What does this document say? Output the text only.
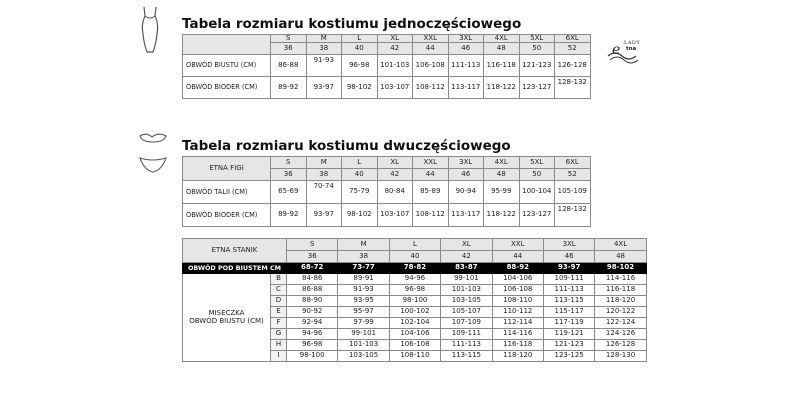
Tabela rozmiaru kostiumu jednoczęściowego
e LADY
tna
	S	M	L	XL	XXL	3XL	4XL	5XL	6XL
	36	38	40	42	44	46	48	50	52
OBWÓD BIUSTU (CM)	86-88	91-93	96-98	101-103	106-108	111-113	116-118	121-123	126-128
OBWÓD BIODER (CM)	89-92	93-97	98-102	103-107	108-112	113-117	118-122	123-127	128-132
Tabela rozmiaru kostiumu dwuczęściowego
ETNA FIGI	S	M	L	XL	XXL	3XL	4XL	5XL	6XL
	36	38	40	42	44	46	48	50	52
OBWÓD TALII (CM)	65-69	70-74	75-79	80-84	85-89	90-94	95-99	100-104	105-109
OBWÓD BIODER (CM)	89-92	93-97	98-102	103-107	108-112	113-117	118-122	123-127	128-132
ETNA STANIK		S	M	L	XL	XXL	3XL	4XL
		36	38	40	42	44	46	48
OBWÓD POD BIUSTEM CM		68-72	73-77	78-82	83-87	88-92	93-97	98-102

MISECZKA
OBWÓD BIUSTU (CM)	B	84-86	89-91	94-96	99-101	104-106	109-111	114-116
	C	86-88	91-93	96-98	101-103	106-108	111-113	116-118
	D	88-90	93-95	98-100	103-105	108-110	113-115	118-120
	E	90-92	95-97	100-102	105-107	110-112	115-117	120-122
	F	92-94	97-99	102-104	107-109	112-114	117-119	122-124
	G	94-96	99-101	104-106	109-111	114-116	119-121	124-126
	H	96-98	101-103	106-108	111-113	116-118	121-123	126-128
	I	98-100	103-105	108-110	113-115	118-120	123-125	128-130
